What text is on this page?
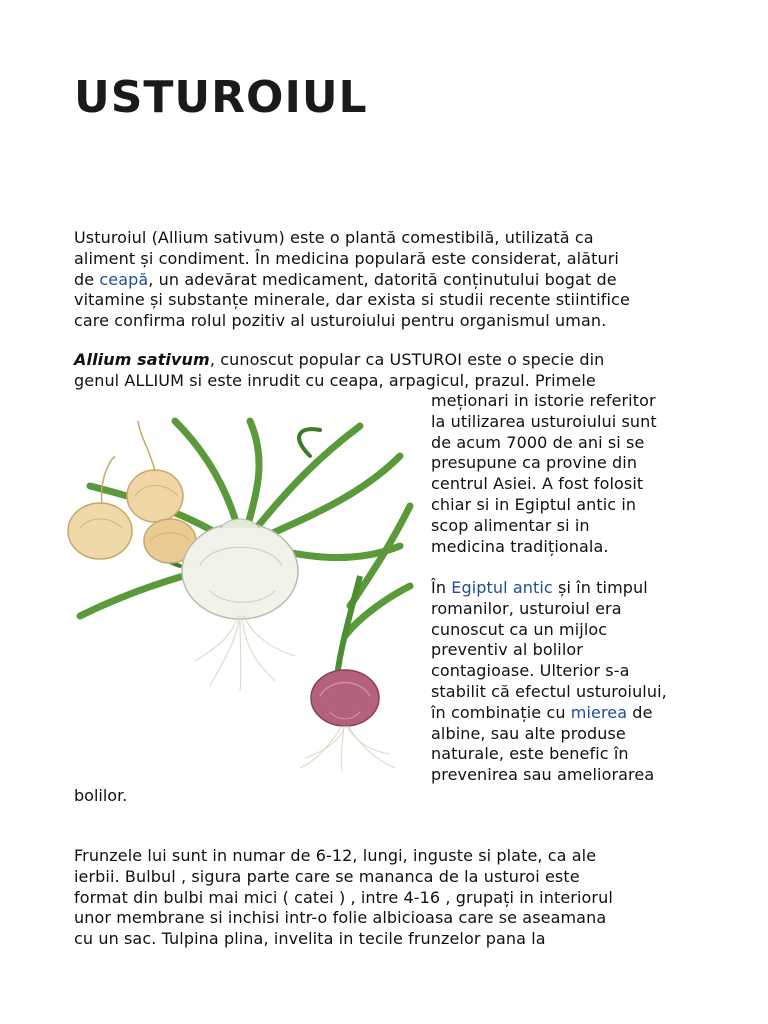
USTUROIUL

Usturoiul (Allium sativum) este o plantă comestibilă, utilizată ca
aliment și condiment. În medicina populară este considerat, alături
de ceapă, un adevărat medicament, datorită conținutului bogat de
vitamine și substanțe minerale, dar exista si studii recente stiintifice
care confirma rolul pozitiv al usturoiului pentru organismul uman.

Allium sativum, cunoscut popular ca USTUROI este o specie din
genul ALLIUM si este inrudit cu ceapa, arpagicul, prazul. Primele

meționari in istorie referitor
la utilizarea usturoiului sunt
de acum 7000 de ani si se
presupune ca provine din
centrul Asiei. A fost folosit
chiar si in Egiptul antic in
scop alimentar si in
medicina tradiționala.

În Egiptul antic și în timpul
romanilor, usturoiul era
cunoscut ca un mijloc
preventiv al bolilor
contagioase. Ulterior s-a
stabilit că efectul usturoiului,
în combinație cu mierea de
albine, sau alte produse
naturale, este benefic în
prevenirea sau ameliorarea

bolilor.

Frunzele lui sunt in numar de 6-12, lungi, inguste si plate, ca ale
ierbii. Bulbul , sigura parte care se mananca de la usturoi este
format din bulbi mai mici ( catei ) , intre 4-16 , grupați in interiorul
unor membrane si inchisi intr-o folie albicioasa care se aseamana
cu un sac. Tulpina plina, invelita in tecile frunzelor pana la
